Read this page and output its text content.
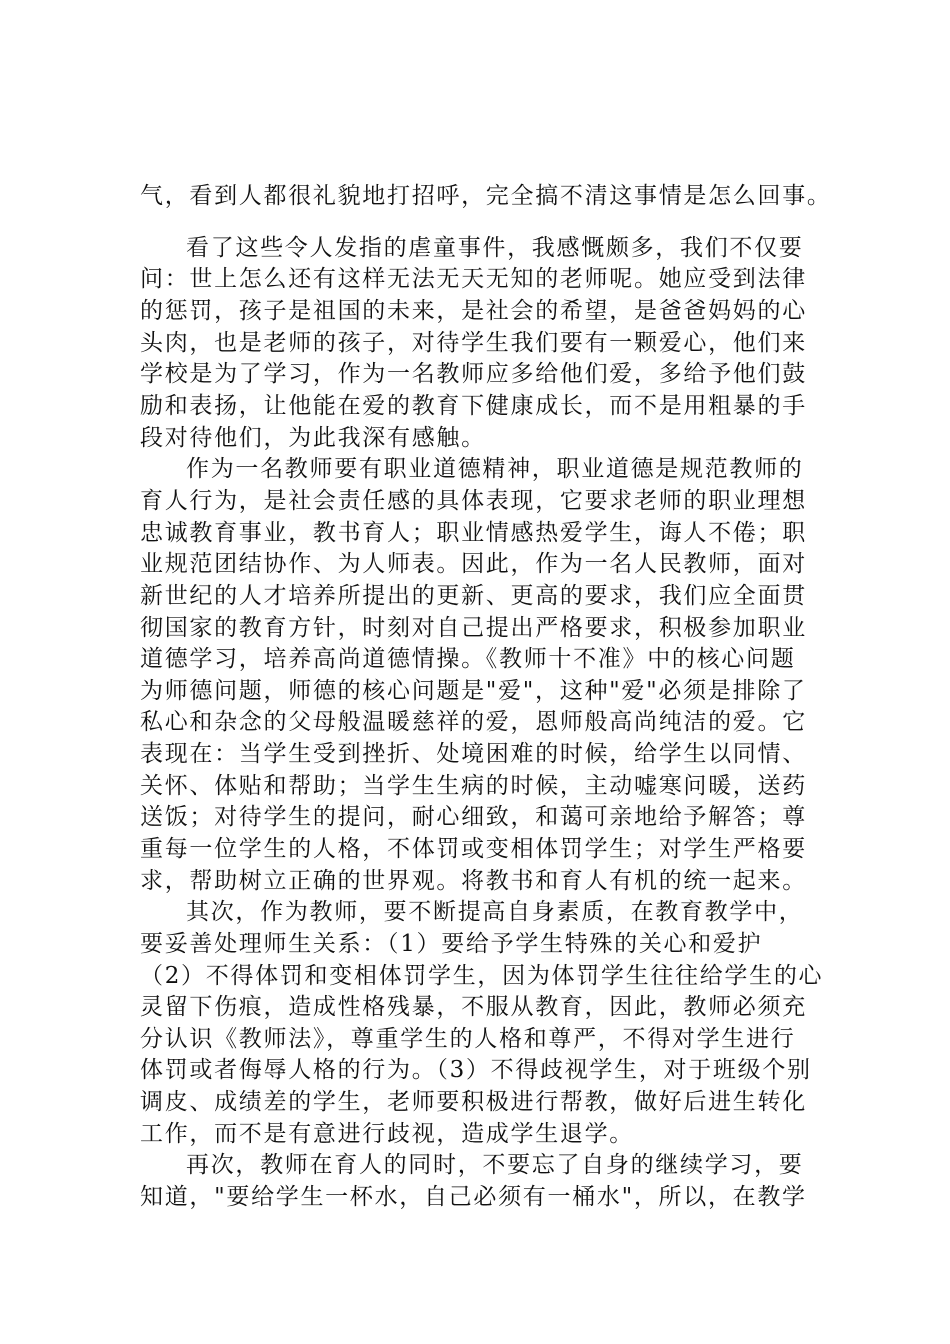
气，看到人都很礼貌地打招呼，完全搞不清这事情是怎么回事。
看了这些令人发指的虐童事件，我感慨颇多，我们不仅要
问：世上怎么还有这样无法无天无知的老师呢。她应受到法律
的惩罚，孩子是祖国的未来，是社会的希望，是爸爸妈妈的心
头肉，也是老师的孩子，对待学生我们要有一颗爱心，他们来
学校是为了学习，作为一名教师应多给他们爱，多给予他们鼓
励和表扬，让他能在爱的教育下健康成长，而不是用粗暴的手
段对待他们，为此我深有感触。
作为一名教师要有职业道德精神，职业道德是规范教师的
育人行为，是社会责任感的具体表现，它要求老师的职业理想
忠诚教育事业，教书育人；职业情感热爱学生，诲人不倦；职
业规范团结协作、为人师表。因此，作为一名人民教师，面对
新世纪的人才培养所提出的更新、更高的要求，我们应全面贯
彻国家的教育方针，时刻对自己提出严格要求，积极参加职业
道德学习，培养高尚道德情操。《教师十不准》中的核心问题
为师德问题，师德的核心问题是"爱"，这种"爱"必须是排除了
私心和杂念的父母般温暖慈祥的爱，恩师般高尚纯洁的爱。它
表现在：当学生受到挫折、处境困难的时候，给学生以同情、
关怀、体贴和帮助；当学生生病的时候，主动嘘寒问暖，送药
送饭；对待学生的提问，耐心细致，和蔼可亲地给予解答；尊
重每一位学生的人格，不体罚或变相体罚学生；对学生严格要
求，帮助树立正确的世界观。将教书和育人有机的统一起来。
其次，作为教师，要不断提高自身素质，在教育教学中，
要妥善处理师生关系：（1）要给予学生特殊的关心和爱护
（2）不得体罚和变相体罚学生，因为体罚学生往往给学生的心
灵留下伤痕，造成性格残暴，不服从教育，因此，教师必须充
分认识《教师法》，尊重学生的人格和尊严，不得对学生进行
体罚或者侮辱人格的行为。（3）不得歧视学生，对于班级个别
调皮、成绩差的学生，老师要积极进行帮教，做好后进生转化
工作，而不是有意进行歧视，造成学生退学。
再次，教师在育人的同时，不要忘了自身的继续学习，要
知道，"要给学生一杯水，自己必须有一桶水"，所以，在教学
